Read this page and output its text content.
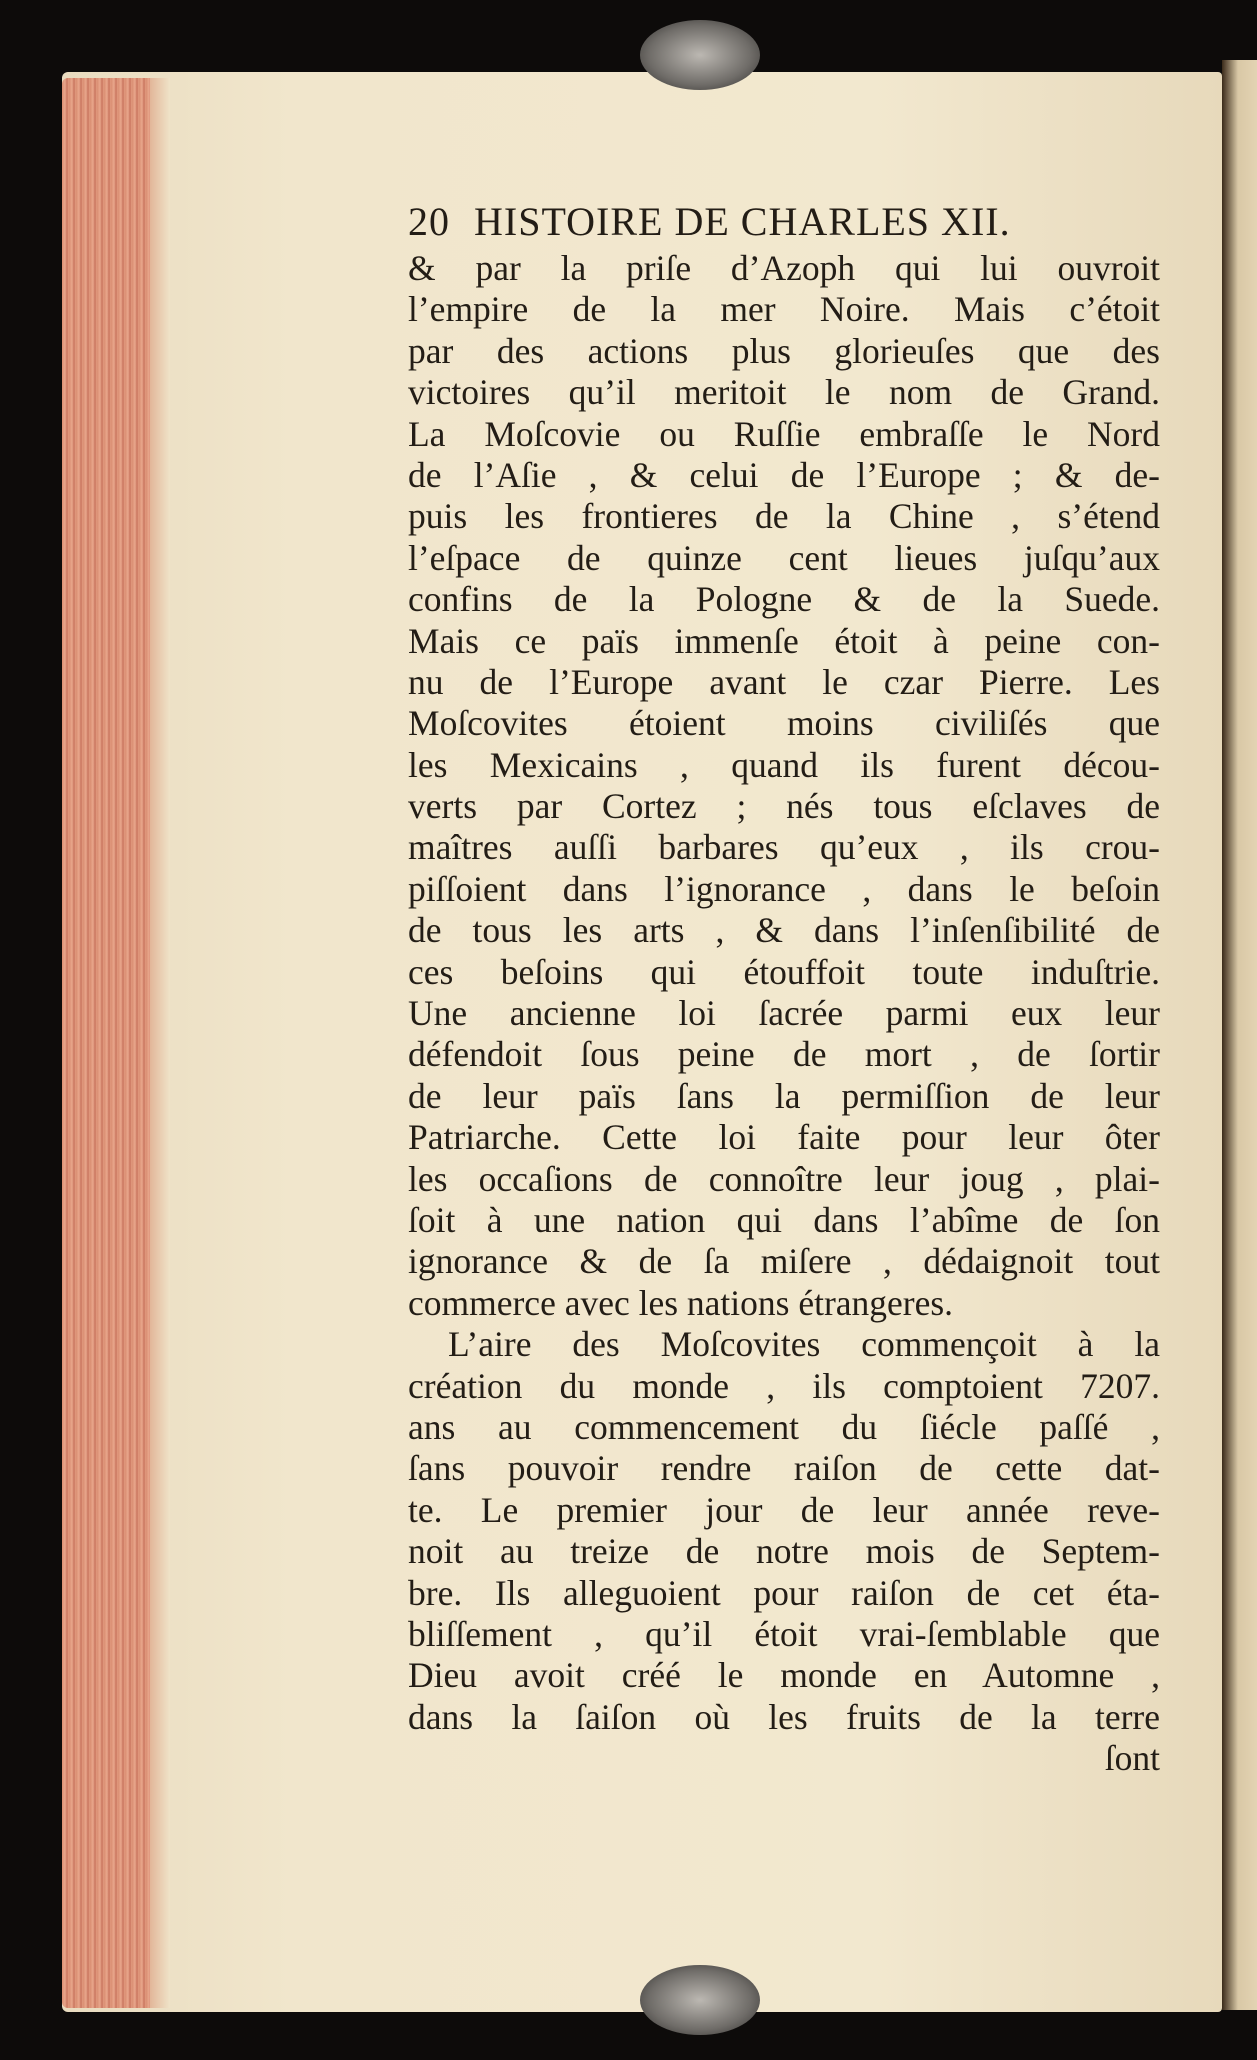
20 HISTOIRE DE CHARLES XII.
& par la priſe d’Azoph qui lui ouvroit
l’empire de la mer Noire. Mais c’étoit
par des actions plus glorieuſes que des
victoires qu’il meritoit le nom de Grand.
La Moſcovie ou Ruſſie embraſſe le Nord
de l’Aſie , & celui de l’Europe ; & de-
puis les frontieres de la Chine , s’étend
l’eſpace de quinze cent lieues juſqu’aux
confins de la Pologne & de la Suede.
Mais ce païs immenſe étoit à peine con-
nu de l’Europe avant le czar Pierre. Les
Moſcovites étoient moins civiliſés que
les Mexicains , quand ils furent décou-
verts par Cortez ; nés tous eſclaves de
maîtres auſſi barbares qu’eux , ils crou-
piſſoient dans l’ignorance , dans le beſoin
de tous les arts , & dans l’inſenſibilité de
ces beſoins qui étouffoit toute induſtrie.
Une ancienne loi ſacrée parmi eux leur
défendoit ſous peine de mort , de ſortir
de leur païs ſans la permiſſion de leur
Patriarche. Cette loi faite pour leur ôter
les occaſions de connoître leur joug , plai-
ſoit à une nation qui dans l’abîme de ſon
ignorance & de ſa miſere , dédaignoit tout
commerce avec les nations étrangeres.
L’aire des Moſcovites commençoit à la
création du monde , ils comptoient 7207.
ans au commencement du ſiécle paſſé ,
ſans pouvoir rendre raiſon de cette dat-
te. Le premier jour de leur année reve-
noit au treize de notre mois de Septem-
bre. Ils alleguoient pour raiſon de cet éta-
bliſſement , qu’il étoit vrai-ſemblable que
Dieu avoit créé le monde en Automne ,
dans la ſaiſon où les fruits de la terre
ſont
